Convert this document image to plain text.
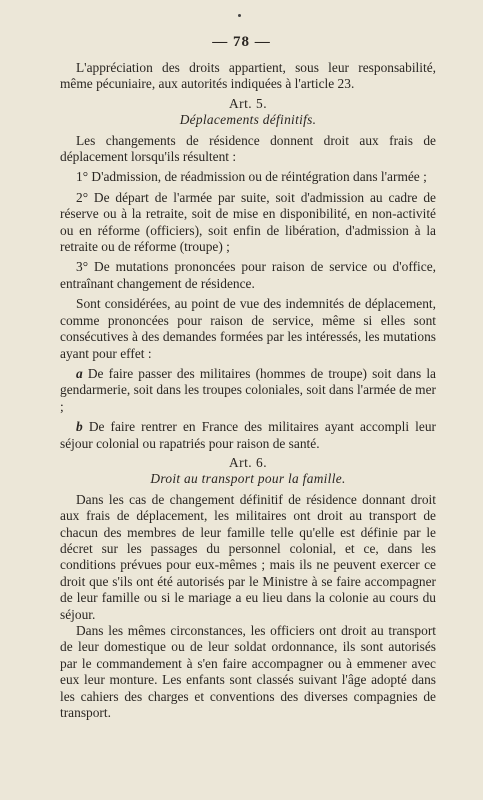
— 78 —

L'appréciation des droits appartient, sous leur responsabilité, même pécuniaire, aux autorités indiquées à l'article 23.

Art. 5.

Déplacements définitifs.

Les changements de résidence donnent droit aux frais de déplacement lorsqu'ils résultent :

1° D'admission, de réadmission ou de réintégration dans l'armée ;

2° De départ de l'armée par suite, soit d'admission au cadre de réserve ou à la retraite, soit de mise en disponibilité, en non-activité ou en réforme (officiers), soit enfin de libération, d'admission à la retraite ou de réforme (troupe) ;

3° De mutations prononcées pour raison de service ou d'office, entraînant changement de résidence.

Sont considérées, au point de vue des indemnités de déplacement, comme prononcées pour raison de service, même si elles sont consécutives à des demandes formées par les intéressés, les mutations ayant pour effet :

a De faire passer des militaires (hommes de troupe) soit dans la gendarmerie, soit dans les troupes coloniales, soit dans l'armée de mer ;

b De faire rentrer en France des militaires ayant accompli leur séjour colonial ou rapatriés pour raison de santé.

Art. 6.

Droit au transport pour la famille.

Dans les cas de changement définitif de résidence donnant droit aux frais de déplacement, les militaires ont droit au transport de chacun des membres de leur famille telle qu'elle est définie par le décret sur les passages du personnel colonial, et ce, dans les conditions prévues pour eux-mêmes ; mais ils ne peuvent exercer ce droit que s'ils ont été autorisés par le Ministre à se faire accompagner de leur famille ou si le mariage a eu lieu dans la colonie au cours du séjour.

Dans les mêmes circonstances, les officiers ont droit au transport de leur domestique ou de leur soldat ordonnance, ils sont autorisés par le commandement à s'en faire accompagner ou à emmener avec eux leur monture. Les enfants sont classés suivant l'âge adopté dans les cahiers des charges et conventions des diverses compagnies de transport.
